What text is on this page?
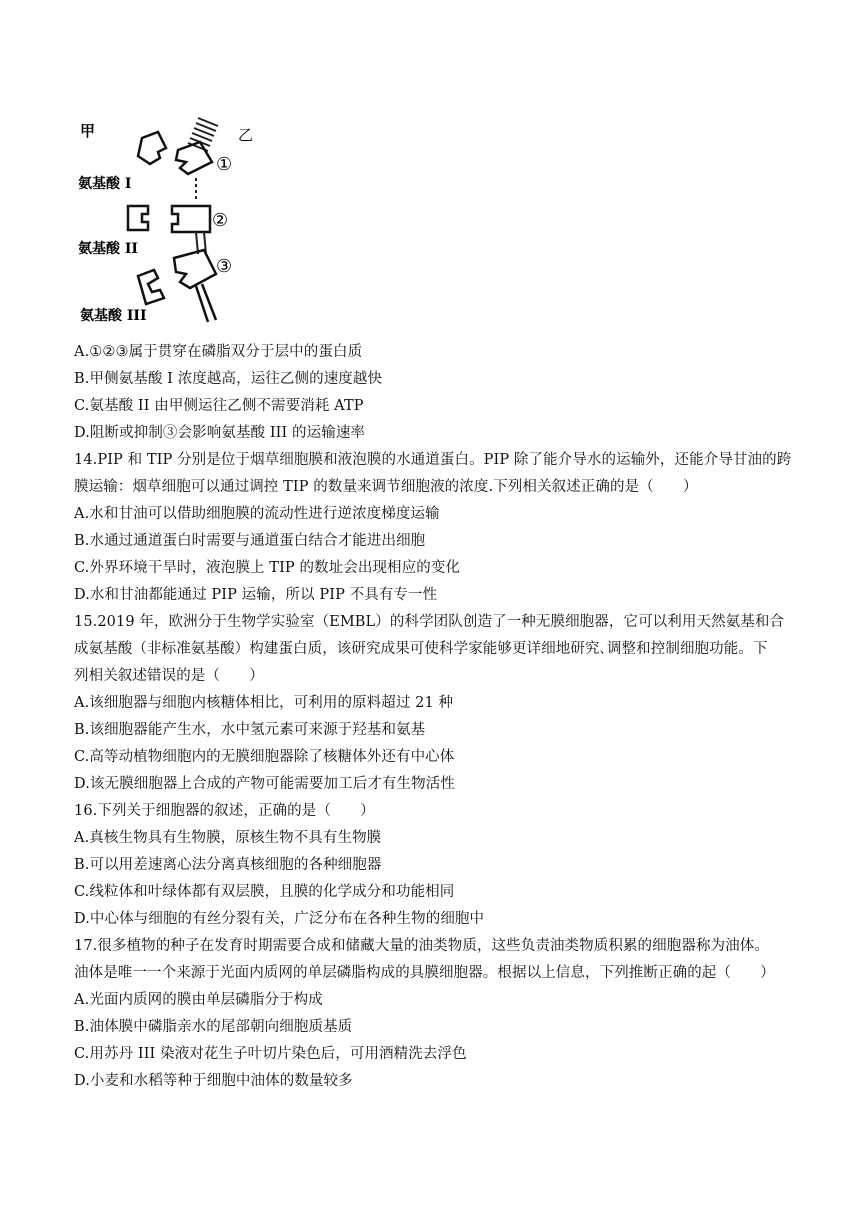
甲	乙
①
氨基酸 I
②
氨基酸 II
③
氨基酸 III
A.①②③属于贯穿在磷脂双分于层中的蛋白质
B.甲侧氨基酸 I 浓度越高，运往乙侧的速度越快
C.氨基酸 II 由甲侧运往乙侧不需要消耗 ATP
D.阻断或抑制③会影响氨基酸 III 的运输速率
14.PIP 和 TIP 分别是位于烟草细胞膜和液泡膜的水通道蛋白。PIP 除了能介导水的运输外，还能介导甘油的跨
膜运输：烟草细胞可以通过调控 TIP 的数量来调节细胞液的浓度.下列相关叙述正确的是（　　）
A.水和甘油可以借助细胞膜的流动性进行逆浓度梯度运输
B.水通过通道蛋白时需要与通道蛋白结合才能进出细胞
C.外界环境干旱时，液泡膜上 TIP 的数址会出现相应的变化
D.水和甘油都能通过 PIP 运输，所以 PIP 不具有专一性
15.2019 年，欧洲分于生物学实验室（EMBL）的科学团队创造了一种无膜细胞器，它可以利用天然氨基和合
成氨基酸（非标准氨基酸）构建蛋白质，该研究成果可使科学家能够更详细地研究､调整和控制细胞功能。下
列相关叙述错误的是（　　）
A.该细胞器与细胞内核糖体相比，可利用的原料超过 21 种
B.该细胞器能产生水，水中氢元素可来源于羟基和氨基
C.高等动植物细胞内的无膜细胞器除了核糖体外还有中心体
D.该无膜细胞器上合成的产物可能需要加工后才有生物活性
16.下列关于细胞器的叙述，正确的是（　　）
A.真核生物具有生物膜，原核生物不具有生物膜
B.可以用差速离心法分离真核细胞的各种细胞器
C.线粒体和叶绿体都有双层膜，且膜的化学成分和功能相同
D.中心体与细胞的有丝分裂有关，广泛分布在各种生物的细胞中
17.很多植物的种子在发育时期需要合成和储藏大量的油类物质，这些负责油类物质积累的细胞器称为油体。
油体是唯一一个来源于光面内质网的单层磷脂构成的具膜细胞器。根据以上信息，下列推断正确的起（　　）
A.光面内质网的膜由单层磷脂分于构成
B.油体膜中磷脂亲水的尾部朝向细胞质基质
C.用苏丹 III 染液对花生子叶切片染色后，可用酒精洗去浮色
D.小麦和水稻等种于细胞中油体的数量较多
